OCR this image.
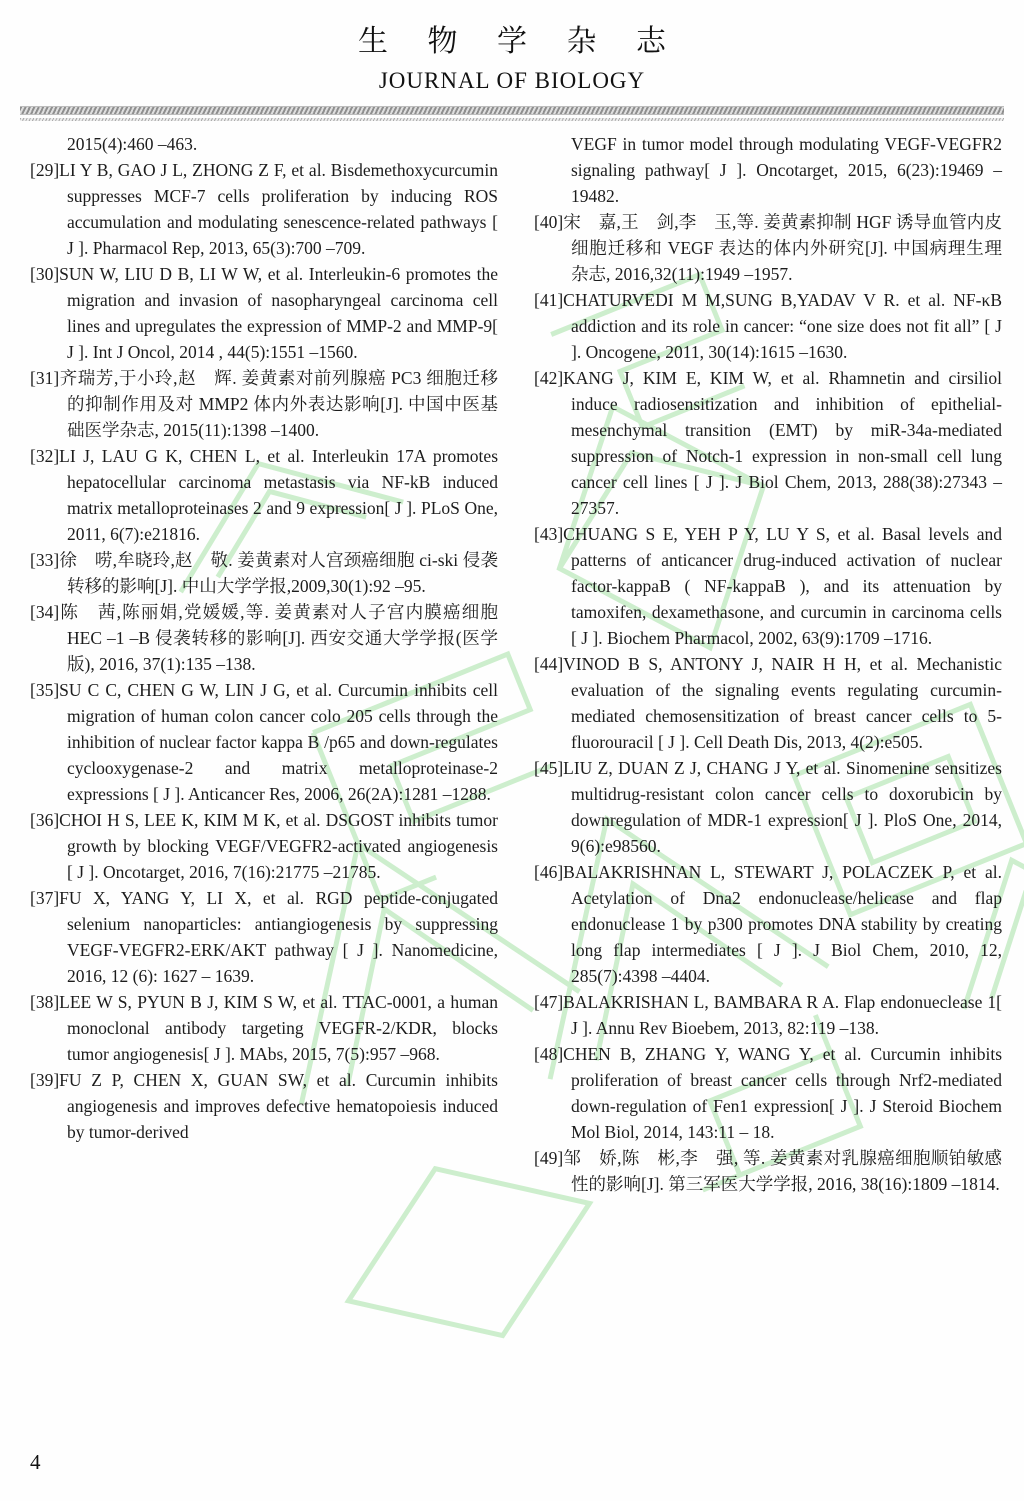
生 物 学 杂 志
JOURNAL OF BIOLOGY

2015(4):460 –463.

[29]LI Y B, GAO J L, ZHONG Z F, et al. Bisdemethoxycurcumin suppresses MCF-7 cells proliferation by inducing ROS accumulation and modulating senescence-related pathways [ J ]. Pharmacol Rep, 2013, 65(3):700 –709.

[30]SUN W, LIU D B, LI W W, et al. Interleukin-6 promotes the migration and invasion of nasopharyngeal carcinoma cell lines and upregulates the expression of MMP-2 and MMP-9[ J ]. Int J Oncol, 2014 , 44(5):1551 –1560.

[31]齐瑞芳,于小玲,赵　辉. 姜黄素对前列腺癌 PC3 细胞迁移的抑制作用及对 MMP2 体内外表达影响[J]. 中国中医基础医学杂志, 2015(11):1398 –1400.

[32]LI J, LAU G K, CHEN L, et al. Interleukin 17A promotes hepatocellular carcinoma metastasis via NF-kB induced matrix metalloproteinases 2 and 9 expression[ J ]. PLoS One, 2011, 6(7):e21816.

[33]徐　唠,牟晓玲,赵　敬. 姜黄素对人宫颈癌细胞 ci-ski 侵袭转移的影响[J]. 中山大学学报,2009,30(1):92 –95.

[34]陈　茜,陈丽娟,党媛媛,等. 姜黄素对人子宫内膜癌细胞 HEC –1 –B 侵袭转移的影响[J]. 西安交通大学学报(医学版), 2016, 37(1):135 –138.

[35]SU C C, CHEN G W, LIN J G, et al. Curcumin inhibits cell migration of human colon cancer colo 205 cells through the inhibition of nuclear factor kappa B /p65 and down-regulates cyclooxygenase-2 and matrix metalloproteinase-2 expressions [ J ]. Anticancer Res, 2006, 26(2A):1281 –1288.

[36]CHOI H S, LEE K, KIM M K, et al. DSGOST inhibits tumor growth by blocking VEGF/VEGFR2-activated angiogenesis [ J ]. Oncotarget, 2016, 7(16):21775 –21785.

[37]FU X, YANG Y, LI X, et al. RGD peptide-conjugated selenium nanoparticles: antiangiogenesis by suppressing VEGF-VEGFR2-ERK/AKT pathway [ J ]. Nanomedicine, 2016, 12 (6): 1627 – 1639.

[38]LEE W S, PYUN B J, KIM S W, et al. TTAC-0001, a human monoclonal antibody targeting VEGFR-2/KDR, blocks tumor angiogenesis[ J ]. MAbs, 2015, 7(5):957 –968.

[39]FU Z P, CHEN X, GUAN SW, et al. Curcumin inhibits angiogenesis and improves defective hematopoiesis induced by tumor-derived

VEGF in tumor model through modulating VEGF-VEGFR2 signaling pathway[ J ]. Oncotarget, 2015, 6(23):19469 –19482.

[40]宋　嘉,王　剑,李　玉,等. 姜黄素抑制 HGF 诱导血管内皮细胞迁移和 VEGF 表达的体内外研究[J]. 中国病理生理杂志, 2016,32(11):1949 –1957.

[41]CHATURVEDI M M,SUNG B,YADAV V R. et al. NF-κB addiction and its role in cancer: “one size does not fit all” [ J ]. Oncogene, 2011, 30(14):1615 –1630.

[42]KANG J, KIM E, KIM W, et al. Rhamnetin and cirsiliol induce radiosensitization and inhibition of epithelial-mesenchymal transition (EMT) by miR-34a-mediated suppression of Notch-1 expression in non-small cell lung cancer cell lines [ J ]. J Biol Chem, 2013, 288(38):27343 –27357.

[43]CHUANG S E, YEH P Y, LU Y S, et al. Basal levels and patterns of anticancer drug-induced activation of nuclear factor-kappaB ( NF-kappaB ), and its attenuation by tamoxifen, dexamethasone, and curcumin in carcinoma cells [ J ]. Biochem Pharmacol, 2002, 63(9):1709 –1716.

[44]VINOD B S, ANTONY J, NAIR H H, et al. Mechanistic evaluation of the signaling events regulating curcumin-mediated chemosensitization of breast cancer cells to 5-fluorouracil [ J ]. Cell Death Dis, 2013, 4(2):e505.

[45]LIU Z, DUAN Z J, CHANG J Y, et al. Sinomenine sensitizes multidrug-resistant colon cancer cells to doxorubicin by downregulation of MDR-1 expression[ J ]. PloS One, 2014, 9(6):e98560.

[46]BALAKRISHNAN L, STEWART J, POLACZEK P, et al. Acetylation of Dna2 endonuclease/helicase and flap endonuclease 1 by p300 promotes DNA stability by creating long flap intermediates [ J ]. J Biol Chem, 2010, 12, 285(7):4398 –4404.

[47]BALAKRISHAN L, BAMBARA R A. Flap endonueclease 1[ J ]. Annu Rev Bioebem, 2013, 82:119 –138.

[48]CHEN B, ZHANG Y, WANG Y, et al. Curcumin inhibits proliferation of breast cancer cells through Nrf2-mediated down-regulation of Fen1 expression[ J ]. J Steroid Biochem Mol Biol, 2014, 143:11 – 18.

[49]邹　娇,陈　彬,李　强, 等. 姜黄素对乳腺癌细胞顺铂敏感性的影响[J]. 第三军医大学学报, 2016, 38(16):1809 –1814.

4
